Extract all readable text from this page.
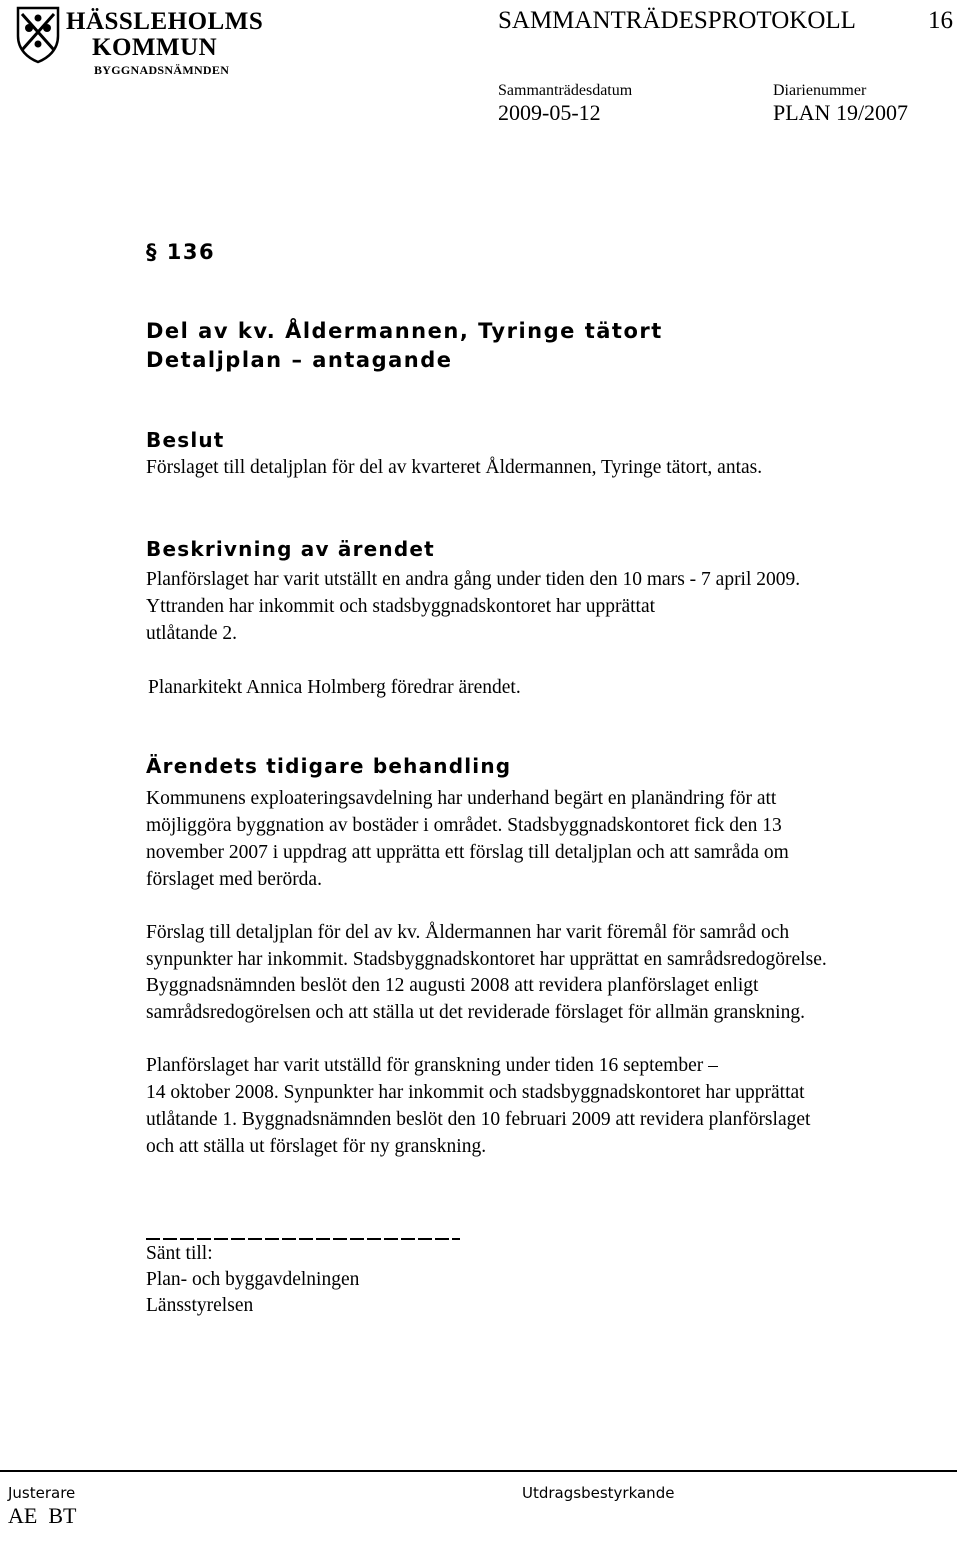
HÄSSLEHOLMS
KOMMUN
BYGGNADSNÄMNDEN
SAMMANTRÄDESPROTOKOLL	16
Sammanträdesdatum	Diarienummer
2009-05-12	PLAN 19/2007
§ 136
Del av kv. Åldermannen, Tyringe tätort
Detaljplan – antagande
Beslut
Förslaget till detaljplan för del av kvarteret Åldermannen, Tyringe tätort, antas.
Beskrivning av ärendet
Planförslaget har varit utställt en andra gång under tiden den 10 mars - 7 april 2009.
Yttranden har inkommit och stadsbyggnadskontoret har upprättat
utlåtande 2.
Planarkitekt Annica Holmberg föredrar ärendet.
Ärendets tidigare behandling
Kommunens exploateringsavdelning har underhand begärt en planändring för att
möjliggöra byggnation av bostäder i området. Stadsbyggnadskontoret fick den 13
november 2007 i uppdrag att upprätta ett förslag till detaljplan och att samråda om
förslaget med berörda.
Förslag till detaljplan för del av kv. Åldermannen har varit föremål för samråd och
synpunkter har inkommit. Stadsbyggnadskontoret har upprättat en samrådsredogörelse.
Byggnadsnämnden beslöt den 12 augusti 2008 att revidera planförslaget enligt
samrådsredogörelsen och att ställa ut det reviderade förslaget för allmän granskning.
Planförslaget har varit utställd för granskning under tiden 16 september –
14 oktober 2008. Synpunkter har inkommit och stadsbyggnadskontoret har upprättat
utlåtande 1. Byggnadsnämnden beslöt den 10 februari 2009 att revidera planförslaget
och att ställa ut förslaget för ny granskning.
Sänt till:
Plan- och byggavdelningen
Länsstyrelsen
Justerare	Utdragsbestyrkande
AE  BT
